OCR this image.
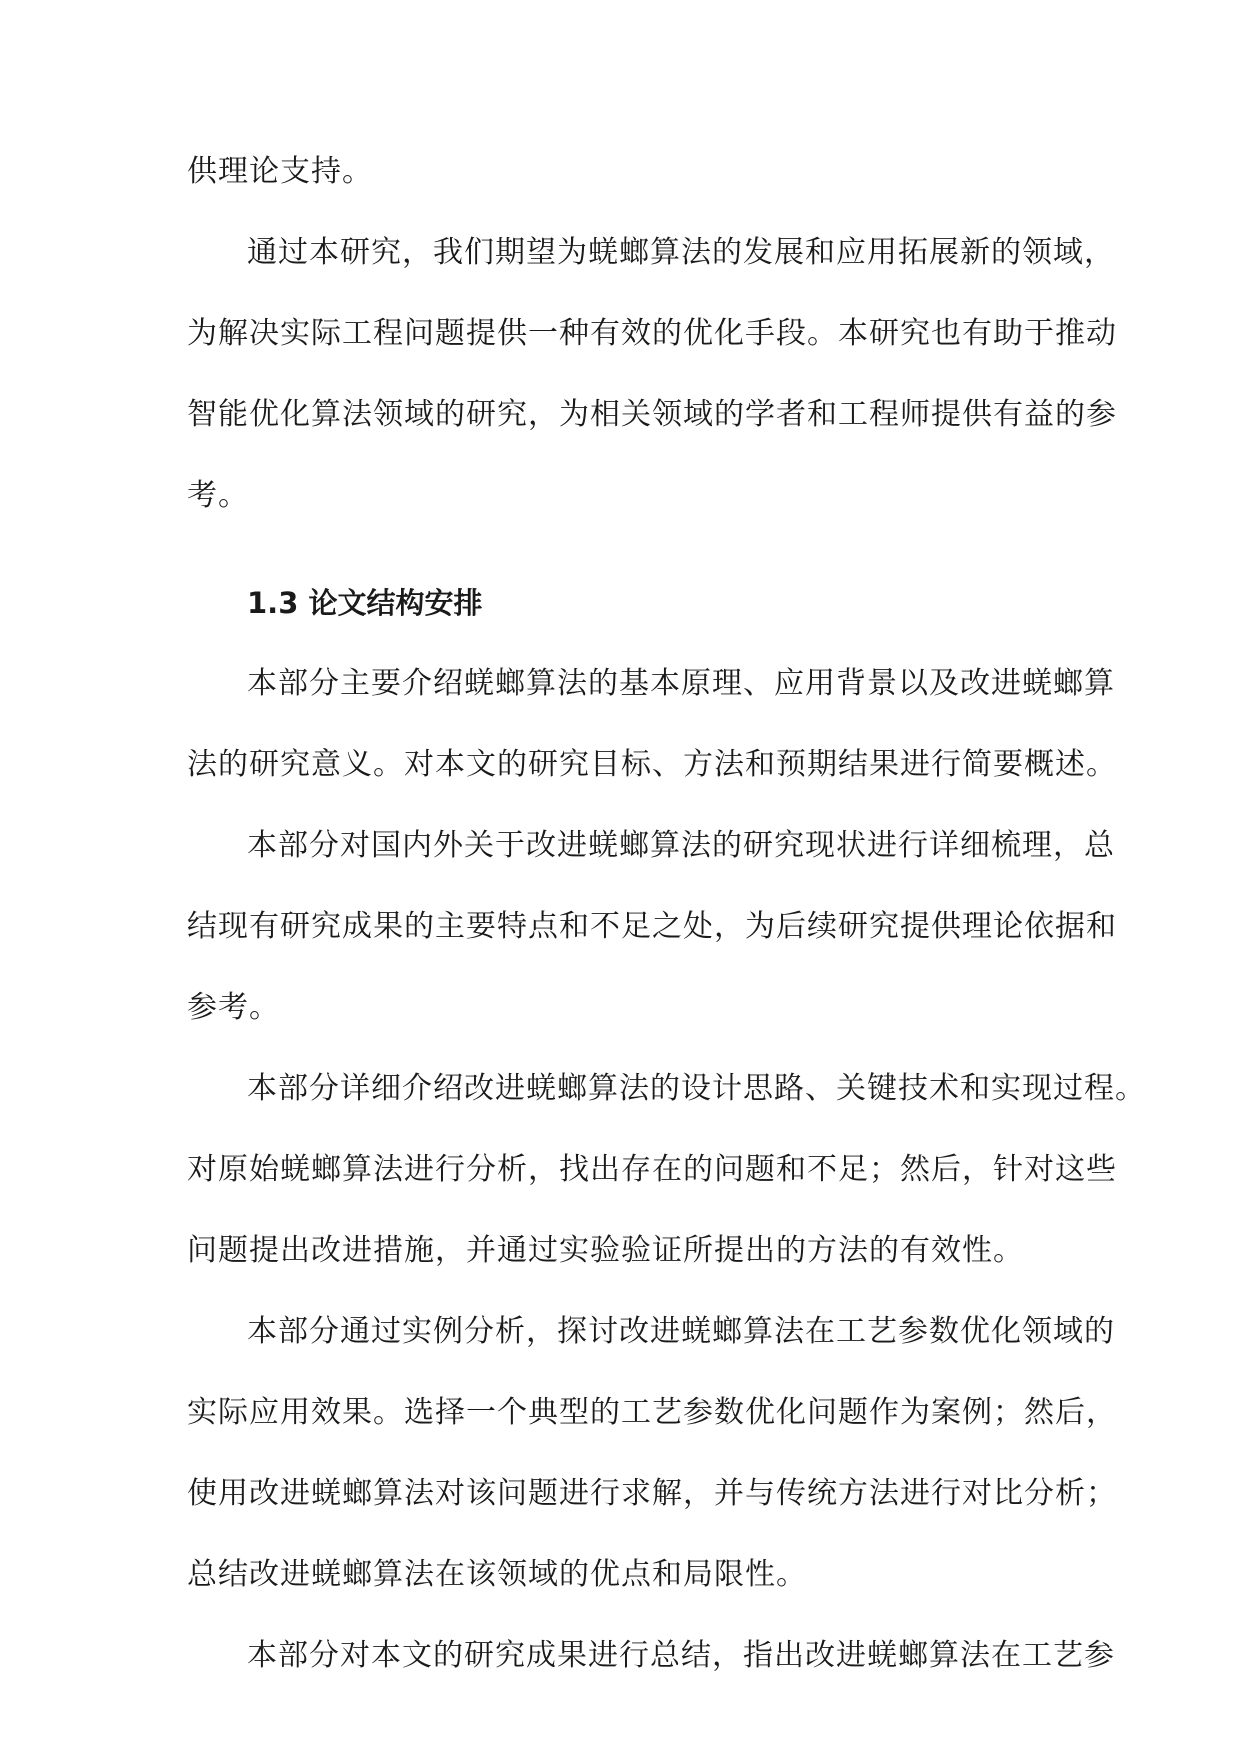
供理论支持。
通过本研究，我们期望为蜣螂算法的发展和应用拓展新的领域，
为解决实际工程问题提供一种有效的优化手段。本研究也有助于推动
智能优化算法领域的研究，为相关领域的学者和工程师提供有益的参
考。
1.3 论文结构安排
本部分主要介绍蜣螂算法的基本原理、应用背景以及改进蜣螂算
法的研究意义。对本文的研究目标、方法和预期结果进行简要概述。
本部分对国内外关于改进蜣螂算法的研究现状进行详细梳理，总
结现有研究成果的主要特点和不足之处，为后续研究提供理论依据和
参考。
本部分详细介绍改进蜣螂算法的设计思路、关键技术和实现过程。
对原始蜣螂算法进行分析，找出存在的问题和不足；然后，针对这些
问题提出改进措施，并通过实验验证所提出的方法的有效性。
本部分通过实例分析，探讨改进蜣螂算法在工艺参数优化领域的
实际应用效果。选择一个典型的工艺参数优化问题作为案例；然后，
使用改进蜣螂算法对该问题进行求解，并与传统方法进行对比分析；
总结改进蜣螂算法在该领域的优点和局限性。
本部分对本文的研究成果进行总结，指出改进蜣螂算法在工艺参
